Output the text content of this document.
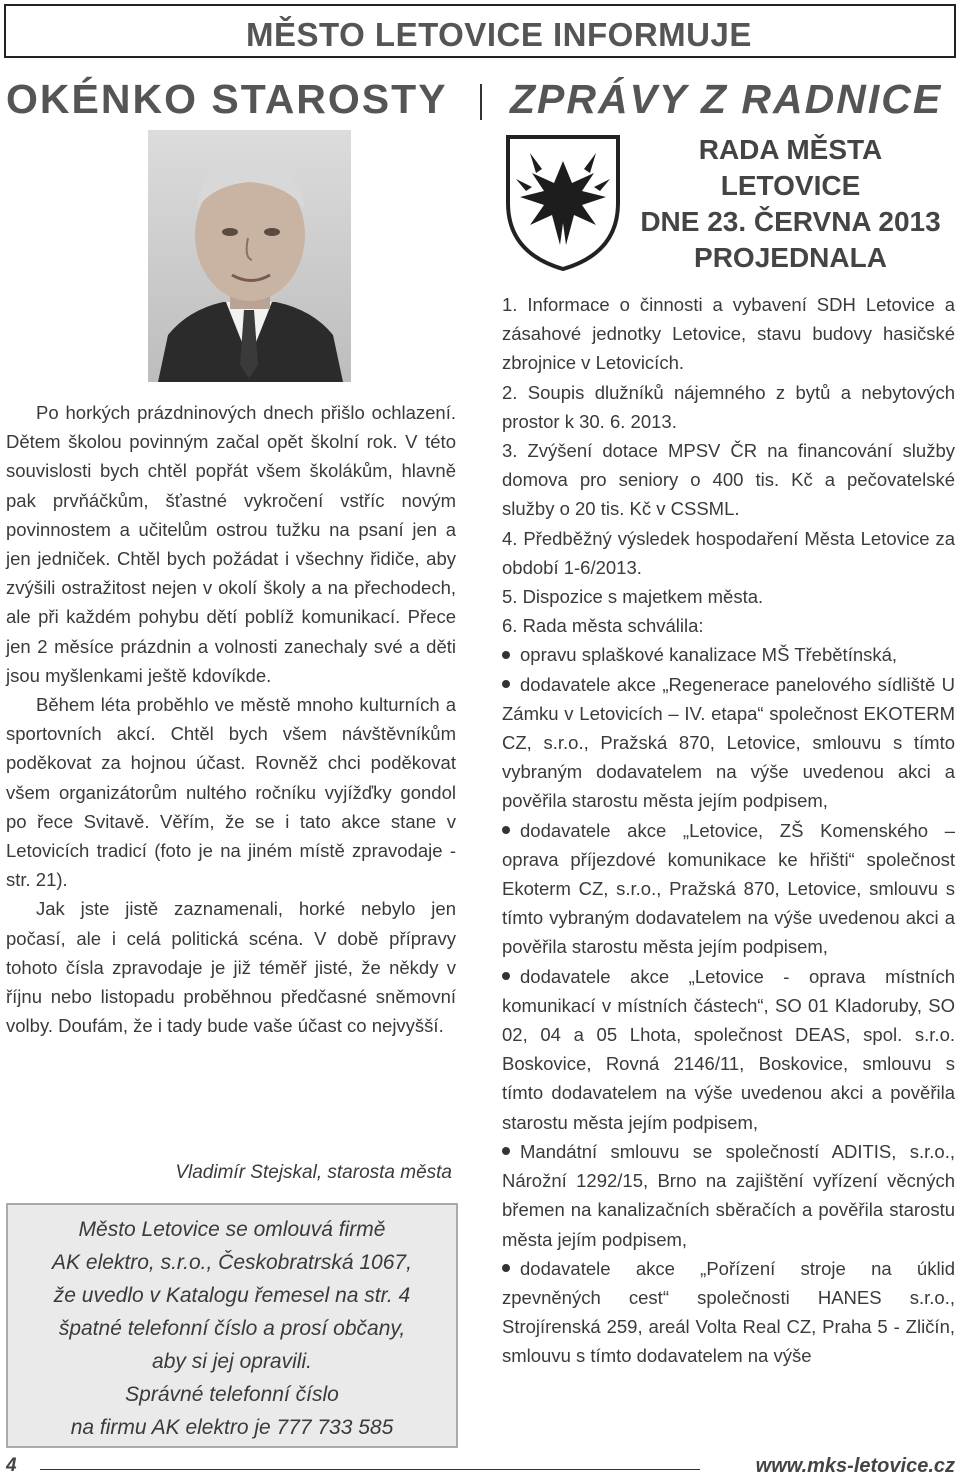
MĚSTO LETOVICE INFORMUJE
OKÉNKO STAROSTY ZPRÁVY Z RADNICE
RADA MĚSTA LETOVICE
DNE 23. ČERVNA 2013
PROJEDNALA

Po horkých prázdninových dnech přišlo ochlazení. Dětem školou povinným začal opět školní rok. V této souvislosti bych chtěl popřát všem školákům, hlavně pak prvňáčkům, šťastné vykročení vstříc novým povinnostem a učitelům ostrou tužku na psaní jen a jen jedniček. Chtěl bych požádat i všechny řidiče, aby zvýšili ostražitost nejen v okolí školy a na přechodech, ale při každém pohybu dětí poblíž komunikací. Přece jen 2 měsíce prázdnin a volnosti zanechaly své a děti jsou myšlenkami ještě kdovíkde.

Během léta proběhlo ve městě mnoho kulturních a sportovních akcí. Chtěl bych všem návštěvníkům poděkovat za hojnou účast. Rovněž chci poděkovat všem organizátorům nultého ročníku vyjížďky gondol po řece Svitavě. Věřím, že se i tato akce stane v Letovicích tradicí (foto je na jiném místě zpravodaje - str. 21).

Jak jste jistě zaznamenali, horké nebylo jen počasí, ale i celá politická scéna. V době přípravy tohoto čísla zpravodaje je již téměř jisté, že někdy v říjnu nebo listopadu proběhnou předčasné sněmovní volby. Doufám, že i tady bude vaše účast co nejvyšší.

Vladimír Stejskal, starosta města
Město Letovice se omlouvá firmě
AK elektro, s.r.o., Českobratrská 1067,
že uvedlo v Katalogu řemesel na str. 4
špatné telefonní číslo a prosí občany,
aby si jej opravili.
Správné telefonní číslo
na firmu AK elektro je 777 733 585

1. Informace o činnosti a vybavení SDH Letovice a zásahové jednotky Letovice, stavu budovy hasičské zbrojnice v Letovicích.

2. Soupis dlužníků nájemného z bytů a nebytových prostor k 30. 6. 2013.

3. Zvýšení dotace MPSV ČR na financování služby domova pro seniory o 400 tis. Kč a pečovatelské služby o 20 tis. Kč v CSSML.

4. Předběžný výsledek hospodaření Města Letovice za období 1-6/2013.

5. Dispozice s majetkem města.

6. Rada města schválila:

opravu splaškové kanalizace MŠ Třebětínská,

dodavatele akce „Regenerace panelového sídliště U Zámku v Letovicích – IV. etapa“ společnost EKOTERM CZ, s.r.o., Pražská 870, Letovice, smlouvu s tímto vybraným dodavatelem na výše uvedenou akci a pověřila starostu města jejím podpisem,

dodavatele akce „Letovice, ZŠ Komenského – oprava příjezdové komunikace ke hřišti“ společnost Ekoterm CZ, s.r.o., Pražská 870, Letovice, smlouvu s tímto vybraným dodavatelem na výše uvedenou akci a pověřila starostu města jejím podpisem,

dodavatele akce „Letovice - oprava místních komunikací v místních částech“, SO 01 Kladoruby, SO 02, 04 a 05 Lhota, společnost DEAS, spol. s.r.o. Boskovice, Rovná 2146/11, Boskovice, smlouvu s tímto dodavatelem na výše uvedenou akci a pověřila starostu města jejím podpisem,

Mandátní smlouvu se společností ADITIS, s.r.o., Nárožní 1292/15, Brno na zajištění vyřízení věcných břemen na kanalizačních sběračích a pověřila starostu města jejím podpisem,

dodavatele akce „Pořízení stroje na úklid zpevněných cest“ společnosti HANES s.r.o., Strojírenská 259, areál Volta Real CZ, Praha 5 - Zličín, smlouvu s tímto dodavatelem na výše

4	www.mks-letovice.cz
